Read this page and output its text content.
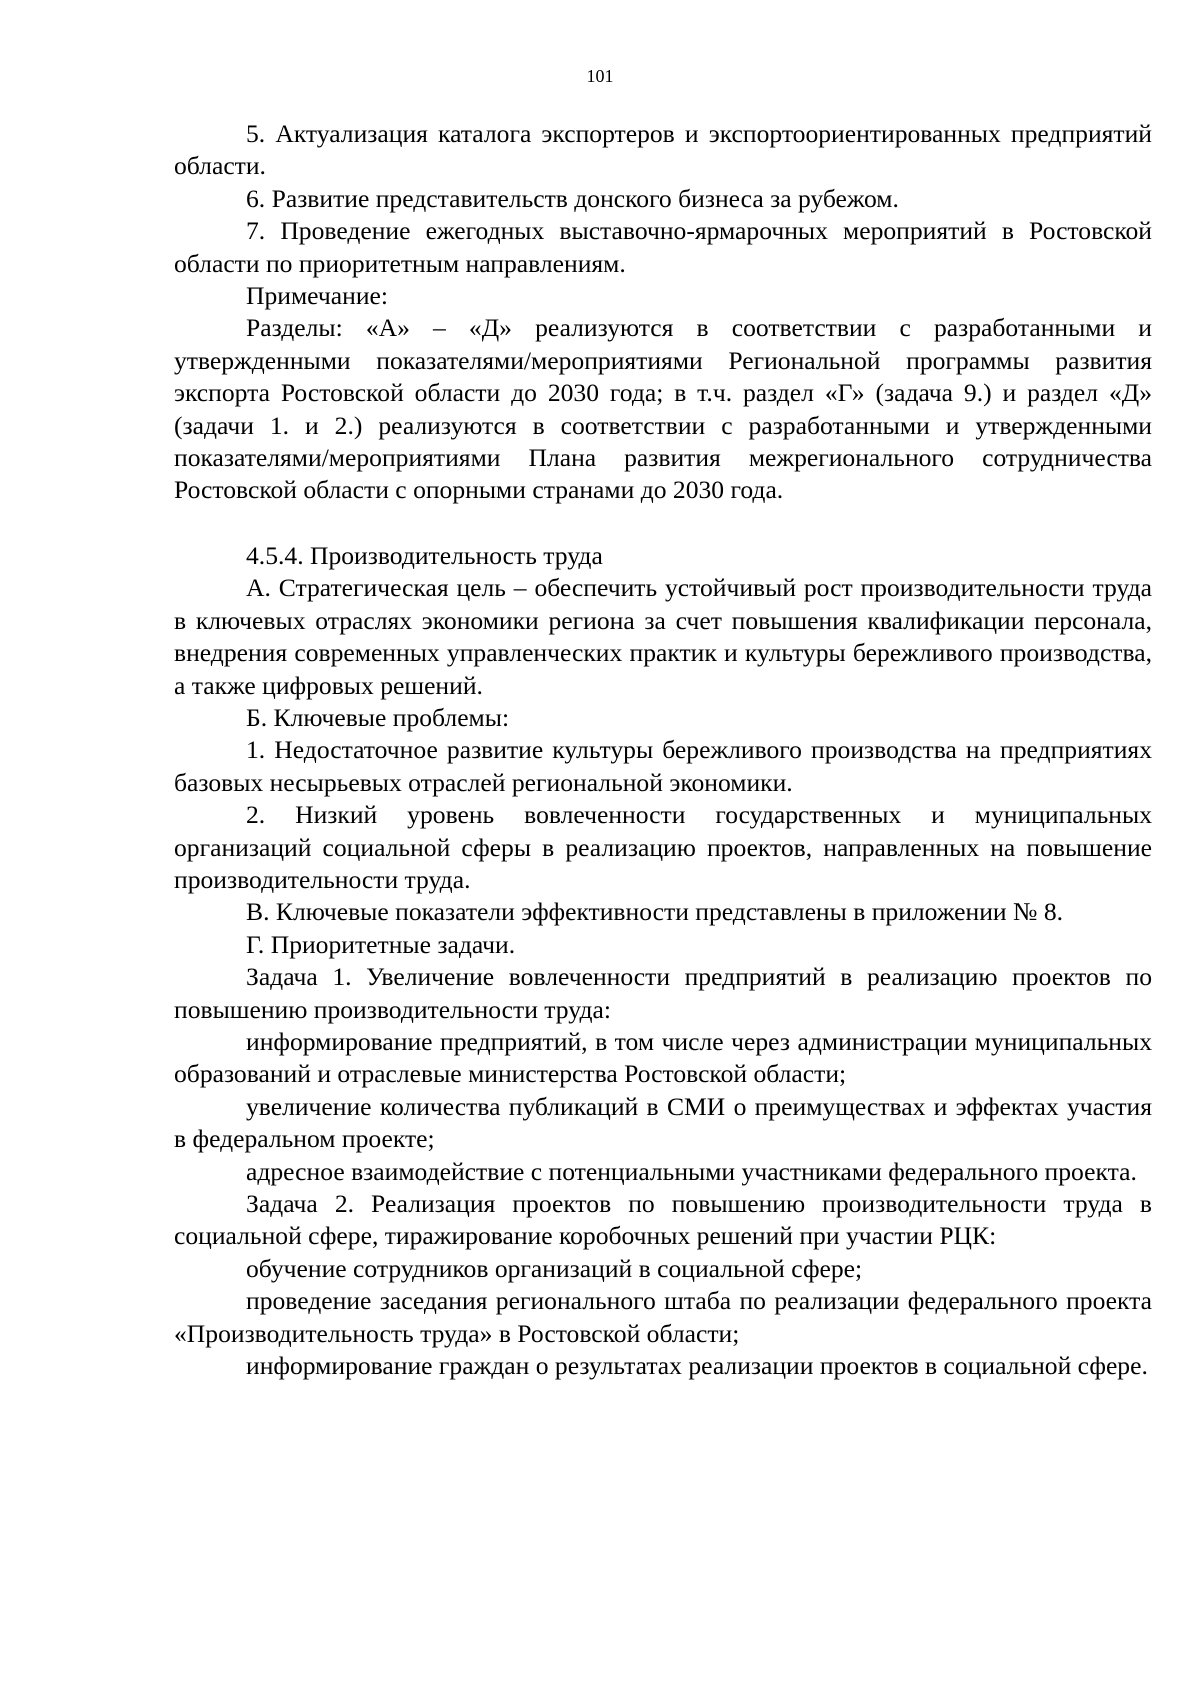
101

5. Актуализация каталога экспортеров и экспортоориентированных предприятий области.

6. Развитие представительств донского бизнеса за рубежом.

7. Проведение ежегодных выставочно-ярмарочных мероприятий в Ростовской области по приоритетным направлениям.

Примечание:

Разделы: «А» – «Д» реализуются в соответствии с разработанными и утвержденными показателями/мероприятиями Региональной программы развития экспорта Ростовской области до 2030 года; в т.ч. раздел «Г» (задача 9.) и раздел «Д» (задачи 1. и 2.) реализуются в соответствии с разработанными и утвержденными показателями/мероприятиями Плана развития межрегионального сотрудничества Ростовской области с опорными странами до 2030 года.

4.5.4. Производительность труда

А. Стратегическая цель – обеспечить устойчивый рост производительности труда в ключевых отраслях экономики региона за счет повышения квалификации персонала, внедрения современных управленческих практик и культуры бережливого производства, а также цифровых решений.

Б. Ключевые проблемы:

1. Недостаточное развитие культуры бережливого производства на предприятиях базовых несырьевых отраслей региональной экономики.

2. Низкий уровень вовлеченности государственных и муниципальных организаций социальной сферы в реализацию проектов, направленных на повышение производительности труда.

В. Ключевые показатели эффективности представлены в приложении № 8.

Г. Приоритетные задачи.

Задача 1. Увеличение вовлеченности предприятий в реализацию проектов по повышению производительности труда:

информирование предприятий, в том числе через администрации муниципальных образований и отраслевые министерства Ростовской области;

увеличение количества публикаций в СМИ о преимуществах и эффектах участия в федеральном проекте;

адресное взаимодействие с потенциальными участниками федерального проекта.

Задача 2. Реализация проектов по повышению производительности труда в социальной сфере, тиражирование коробочных решений при участии РЦК:

обучение сотрудников организаций в социальной сфере;

проведение заседания регионального штаба по реализации федерального проекта «Производительность труда» в Ростовской области;

информирование граждан о результатах реализации проектов в социальной сфере.
